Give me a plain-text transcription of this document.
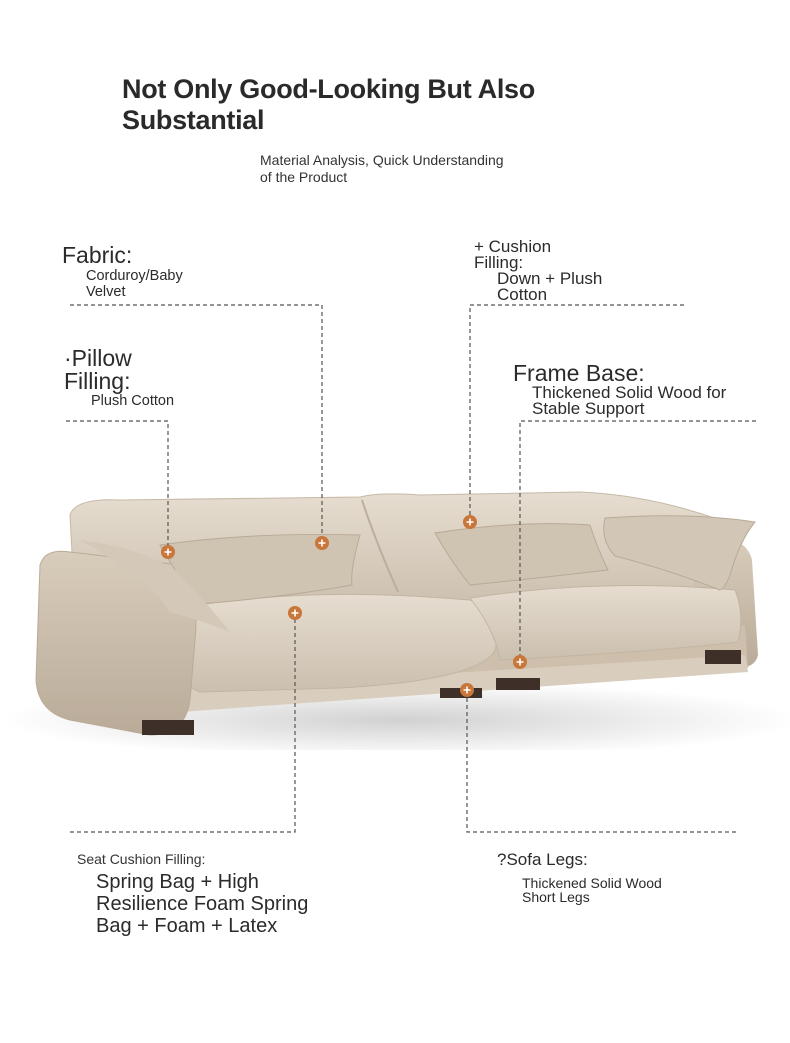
Not Only Good-Looking But Also
Substantial
Material Analysis, Quick Understanding
of the Product
Fabric:
Corduroy/Baby
Velvet
+ Cushion
Filling:
Down + Plush
Cotton
·Pillow
Filling:
Plush Cotton
Frame Base:
Thickened Solid Wood for
Stable Support
Seat Cushion Filling:
Spring Bag + High
Resilience Foam Spring
Bag + Foam + Latex
?Sofa Legs:
Thickened Solid Wood
Short Legs
